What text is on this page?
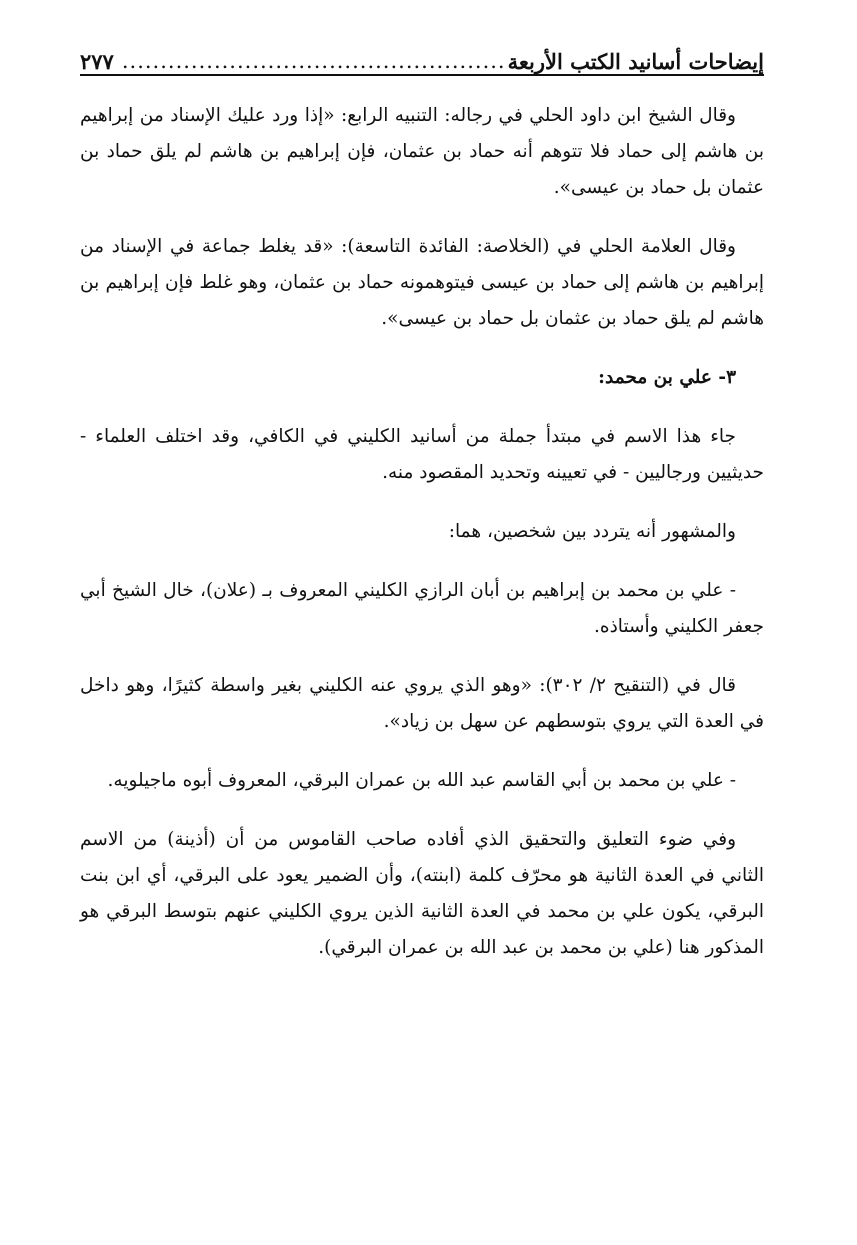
إيضاحات أسانيد الكتب الأربعة
..................................................
٢٧٧

وقال الشيخ ابن داود الحلي في رجاله: التنبيه الرابع: «إذا ورد عليك الإسناد من إبراهيم بن هاشم إلى حماد فلا تتوهم أنه حماد بن عثمان، فإن إبراهيم بن هاشم لم يلق حماد بن عثمان بل حماد بن عيسى».

وقال العلامة الحلي في (الخلاصة: الفائدة التاسعة): «قد يغلط جماعة في الإسناد من إبراهيم بن هاشم إلى حماد بن عيسى فيتوهمونه حماد بن عثمان، وهو غلط فإن إبراهيم بن هاشم لم يلق حماد بن عثمان بل حماد بن عيسى».

٣- علي بن محمد:

جاء هذا الاسم في مبتدأ جملة من أسانيد الكليني في الكافي، وقد اختلف العلماء - حديثيين ورجاليين - في تعيينه وتحديد المقصود منه.

والمشهور أنه يتردد بين شخصين، هما:

- علي بن محمد بن إبراهيم بن أبان الرازي الكليني المعروف بـ (علان)، خال الشيخ أبي جعفر الكليني وأستاذه.

قال في (التنقيح ٢/ ٣٠٢): «وهو الذي يروي عنه الكليني بغير واسطة كثيرًا، وهو داخل في العدة التي يروي بتوسطهم عن سهل بن زياد».

- علي بن محمد بن أبي القاسم عبد الله بن عمران البرقي، المعروف أبوه ماجيلويه.

وفي ضوء التعليق والتحقيق الذي أفاده صاحب القاموس من أن (أذينة) من الاسم الثاني في العدة الثانية هو محرّف كلمة (ابنته)، وأن الضمير يعود على البرقي، أي ابن بنت البرقي، يكون علي بن محمد في العدة الثانية الذين يروي الكليني عنهم بتوسط البرقي هو المذكور هنا (علي بن محمد بن عبد الله بن عمران البرقي).
